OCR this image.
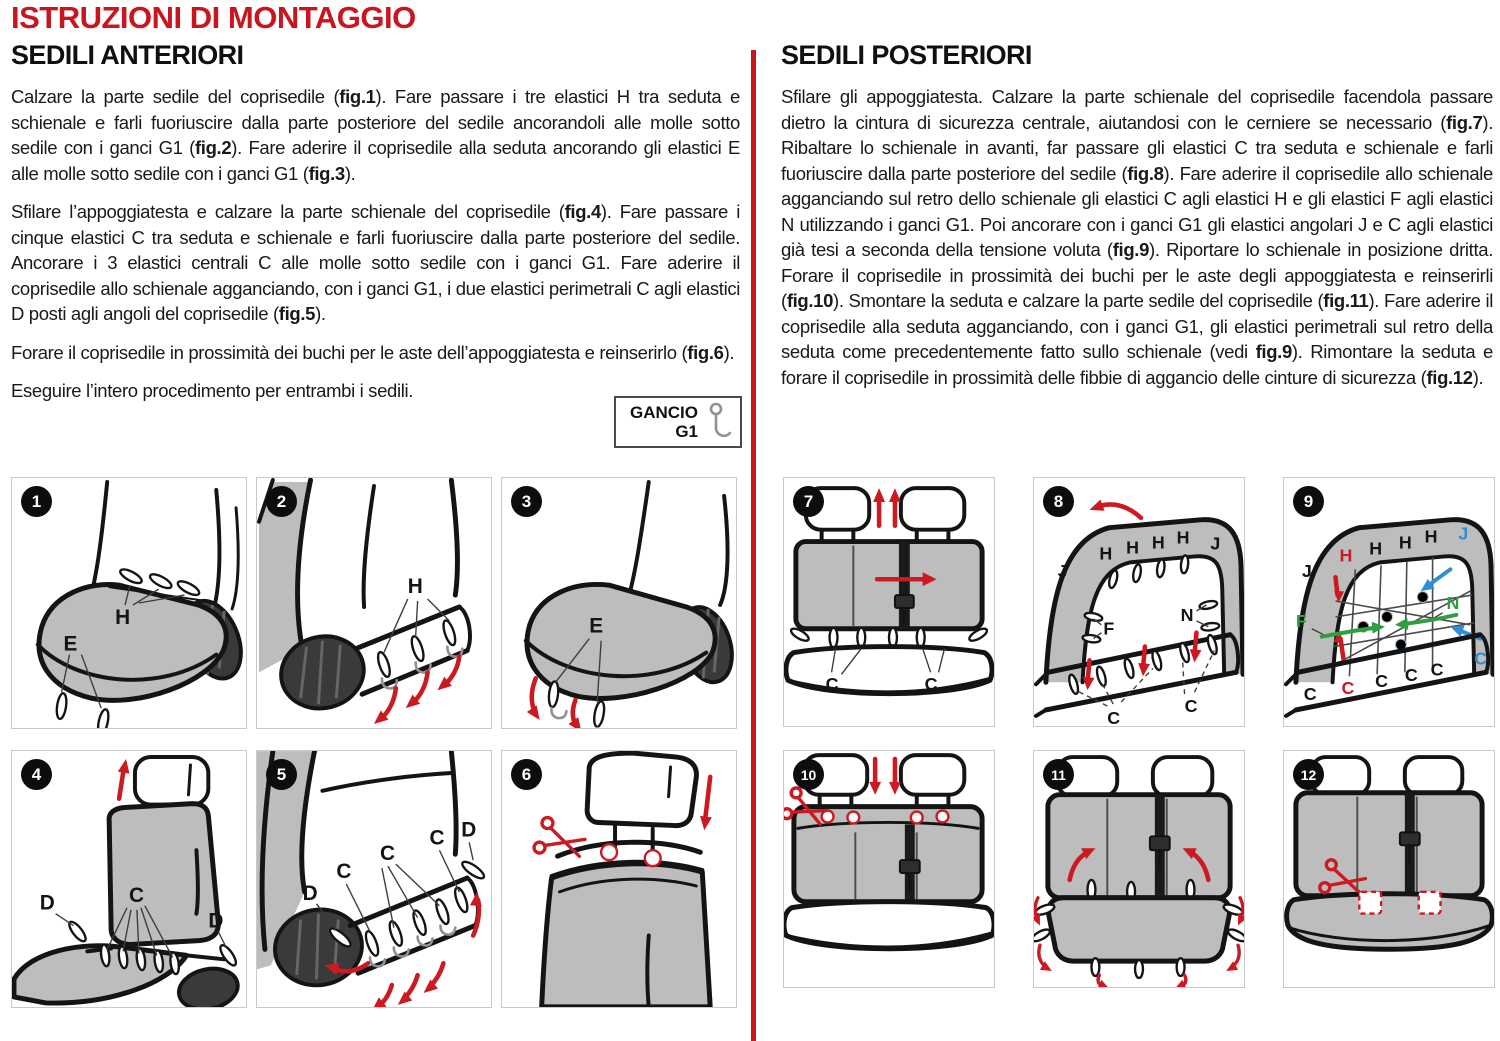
ISTRUZIONI DI MONTAGGIO
SEDILI ANTERIORI

Calzare la parte sedile del coprisedile (fig.1). Fare passare i tre elastici H tra seduta e schienale e farli fuoriuscire dalla parte posteriore del sedile ancorandoli alle molle sotto sedile con i ganci G1 (fig.2). Fare aderire il coprisedile alla seduta ancorando gli elastici E alle molle sotto sedile con i ganci G1 (fig.3).

Sfilare l’appoggiatesta e calzare la parte schienale del coprisedile (fig.4). Fare passare i cinque elastici C tra seduta e schienale e farli fuoriuscire dalla parte posteriore del sedile. Ancorare i 3 elastici centrali C alle molle sotto sedile con i ganci G1. Fare aderire il coprisedile allo schienale agganciando, con i ganci G1, i due elastici perimetrali C agli elastici D posti agli angoli del coprisedile (fig.5).

Forare il coprisedile in prossimità dei buchi per le aste dell’appoggiatesta e reinserirlo (fig.6).

Eseguire l’intero procedimento per entrambi i sedili.

GANCIO
G1
SEDILI POSTERIORI

Sfilare gli appoggiatesta. Calzare la parte schienale del coprisedile facendola passare dietro la cintura di sicurezza centrale, aiutandosi con le cerniere se necessario (fig.7). Ribaltare lo schienale in avanti, far passare gli elastici C tra seduta e schienale e farli fuoriuscire dalla parte posteriore del sedile (fig.8). Fare aderire il coprisedile allo schienale agganciando sul retro dello schienale gli elastici C agli elastici H e gli elastici F agli elastici N utilizzando i ganci G1. Poi ancorare con i ganci G1 gli elastici angolari J e C agli elastici già tesi a seconda della tensione voluta (fig.9). Riportare lo schienale in posizione dritta. Forare il coprisedile in prossimità dei buchi per le aste degli appoggiatesta e reinserirli (fig.10). Smontare la seduta e calzare la parte sedile del coprisedile (fig.11). Fare aderire il coprisedile alla seduta agganciando, con i ganci G1, gli elastici perimetrali sul retro della seduta come precedentemente fatto sullo schienale (vedi fig.9). Rimontare la seduta e forare il coprisedile in prossimità delle fibbie di aggancio delle cinture di sicurezza (fig.12).

1
H
E
2
H
3
E
4
D
D
C
5
D
C
C
C D
6
7
C	C
8
F
N
J
H H H H J
C
C
9
J
H H H H J
F
N
C C C C C
C
10	11	12
